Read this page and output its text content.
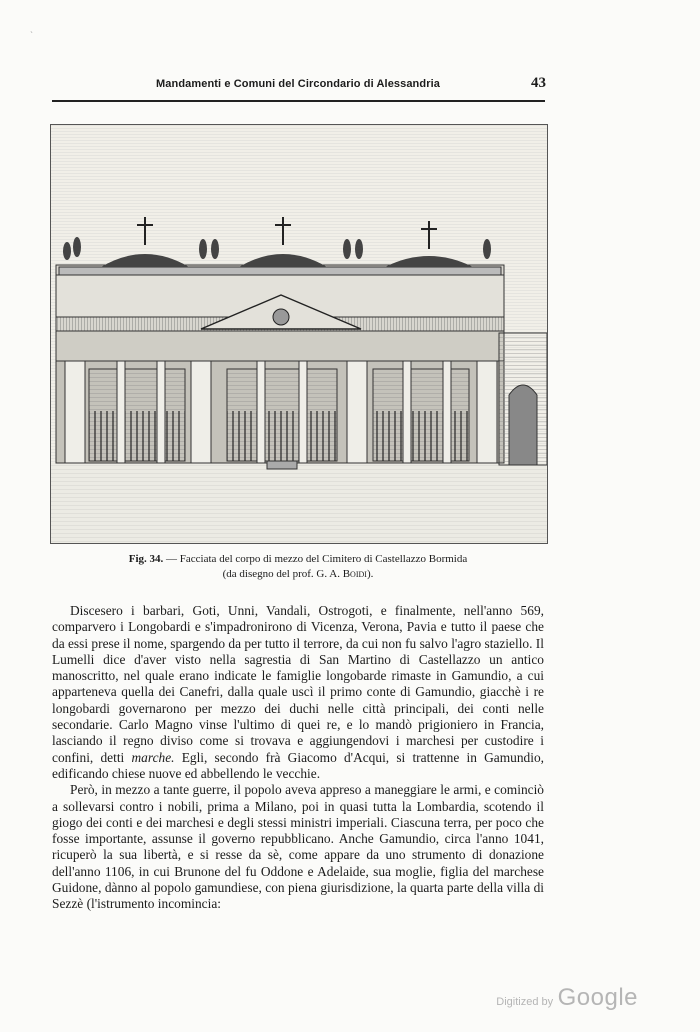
ˋ
Mandamenti e Comuni del Circondario di Alessandria	43
Fig. 34. — Facciata del corpo di mezzo del Cimitero di Castellazzo Bormida
(da disegno del prof. G. A. Boidi).

Discesero i barbari, Goti, Unni, Vandali, Ostrogoti, e finalmente, nell'anno 569, comparvero i Longobardi e s'impadronirono di Vicenza, Verona, Pavia e tutto il paese che da essi prese il nome, spargendo da per tutto il terrore, da cui non fu salvo l'agro staziello. Il Lumelli dice d'aver visto nella sagrestia di San Martino di Castellazzo un antico manoscritto, nel quale erano indicate le famiglie longobarde rimaste in Gamundio, a cui apparteneva quella dei Canefri, dalla quale uscì il primo conte di Gamundio, giacchè i re longobardi governarono per mezzo dei duchi nelle città principali, dei conti nelle secondarie. Carlo Magno vinse l'ultimo di quei re, e lo mandò prigioniero in Francia, lasciando il regno diviso come si trovava e aggiungendovi i marchesi per custodire i confini, detti marche. Egli, secondo frà Giacomo d'Acqui, si trattenne in Gamundio, edificando chiese nuove ed abbellendo le vecchie.

Però, in mezzo a tante guerre, il popolo aveva appreso a maneggiare le armi, e cominciò a sollevarsi contro i nobili, prima a Milano, poi in quasi tutta la Lombardia, scotendo il giogo dei conti e dei marchesi e degli stessi ministri imperiali. Ciascuna terra, per poco che fosse importante, assunse il governo repubblicano. Anche Gamundio, circa l'anno 1041, ricuperò la sua libertà, e si resse da sè, come appare da uno strumento di donazione dell'anno 1106, in cui Brunone del fu Oddone e Adelaide, sua moglie, figlia del marchese Guidone, dànno al popolo gamundiese, con piena giurisdizione, la quarta parte della villa di Sezzè (l'istrumento incomincia:

Digitized by Google
